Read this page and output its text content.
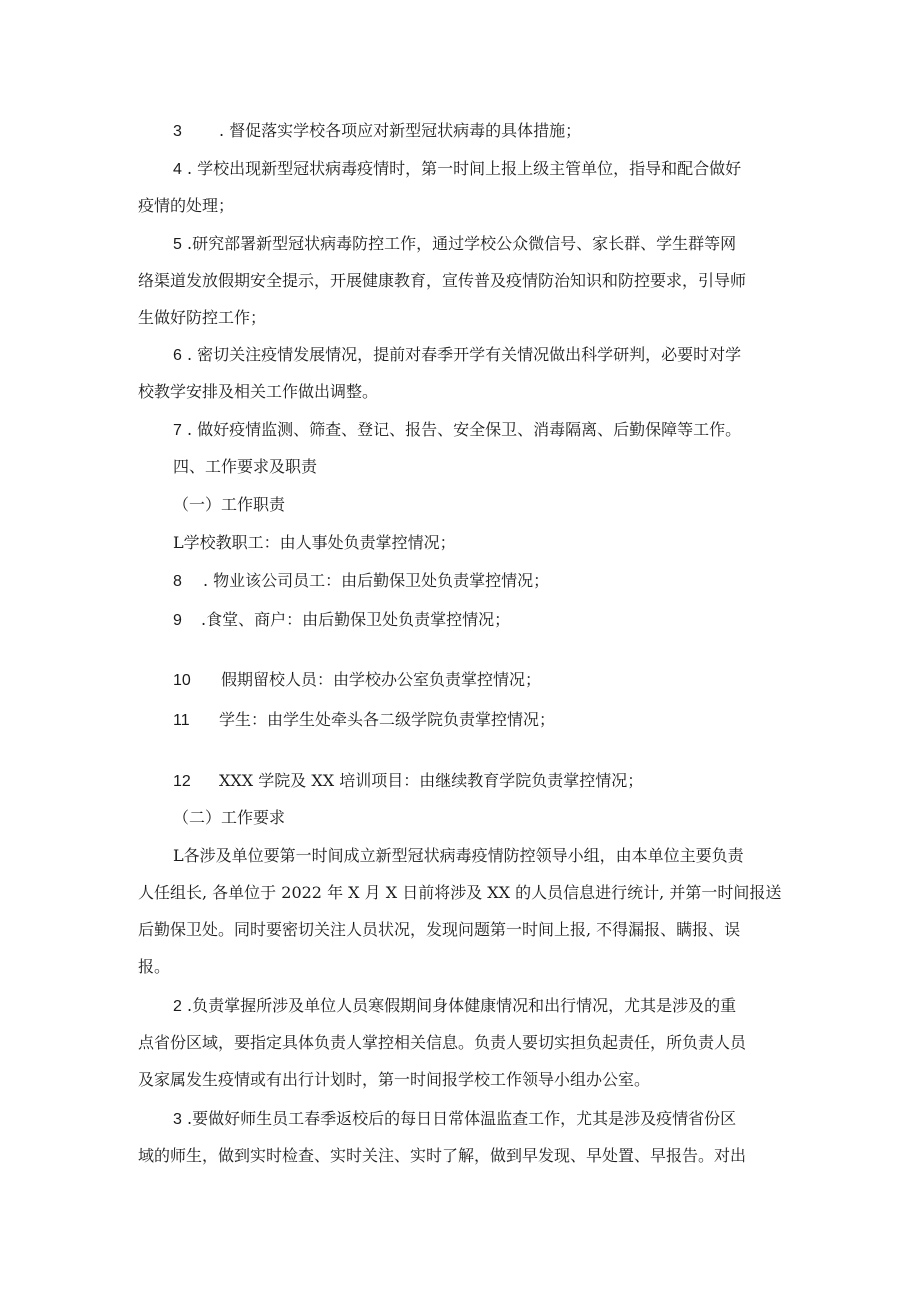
3 . 督促落实学校各项应对新型冠状病毒的具体措施；
4 . 学校出现新型冠状病毒疫情时，第一时间上报上级主管单位，指导和配合做好
疫情的处理；
5 .研究部署新型冠状病毒防控工作，通过学校公众微信号、家长群、学生群等网
络渠道发放假期安全提示，开展健康教育，宣传普及疫情防治知识和防控要求，引导师
生做好防控工作；
6 . 密切关注疫情发展情况，提前对春季开学有关情况做出科学研判，必要时对学
校教学安排及相关工作做出调整。
7 . 做好疫情监测、筛查、登记、报告、安全保卫、消毒隔离、后勤保障等工作。
四、工作要求及职责
（一）工作职责
L学校教职工：由人事处负责掌控情况；
8 . 物业该公司员工：由后勤保卫处负责掌控情况；
9 .食堂、商户：由后勤保卫处负责掌控情况；
10 假期留校人员：由学校办公室负责掌控情况；
11 学生：由学生处牵头各二级学院负责掌控情况；
12 XXX 学院及 XX 培训项目：由继续教育学院负责掌控情况；
（二）工作要求
L各涉及单位要第一时间成立新型冠状病毒疫情防控领导小组，由本单位主要负责
人任组长, 各单位于 2022 年 X 月 X 日前将涉及 XX 的人员信息进行统计, 并第一时间报送
后勤保卫处。同时要密切关注人员状况，发现问题第一时间上报, 不得漏报、瞒报、误
报。
2 .负责掌握所涉及单位人员寒假期间身体健康情况和出行情况，尤其是涉及的重
点省份区域，要指定具体负责人掌控相关信息。负责人要切实担负起责任，所负责人员
及家属发生疫情或有出行计划时，第一时间报学校工作领导小组办公室。
3 .要做好师生员工春季返校后的每日日常体温监查工作，尤其是涉及疫情省份区
域的师生，做到实时检查、实时关注、实时了解，做到早发现、早处置、早报告。对出
